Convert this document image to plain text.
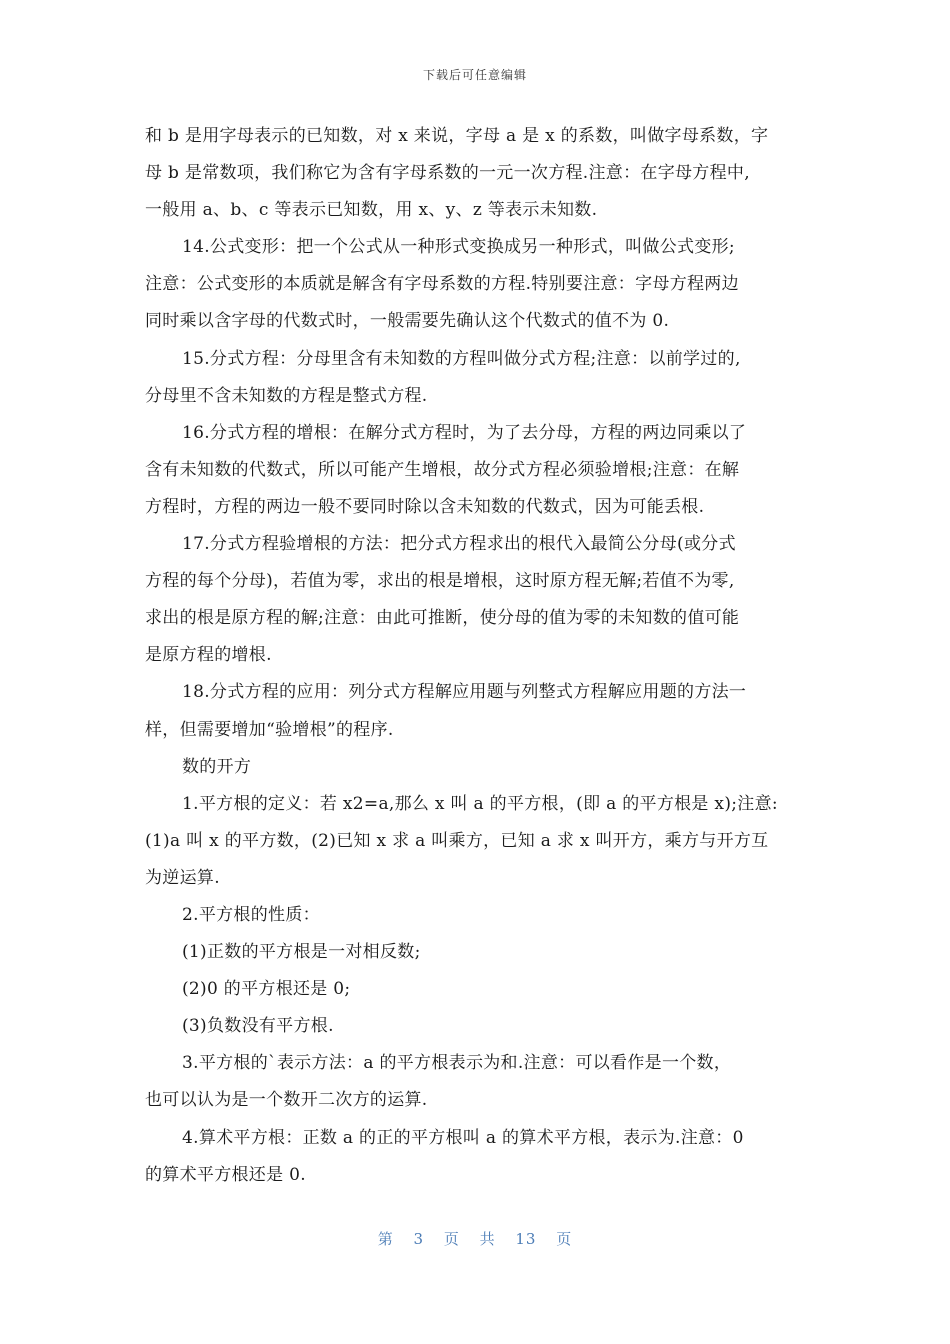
下载后可任意编辑
和 b 是用字母表示的已知数，对 x 来说，字母 a 是 x 的系数，叫做字母系数，字
母 b 是常数项，我们称它为含有字母系数的一元一次方程.注意：在字母方程中,
一般用 a、b、c 等表示已知数，用 x、y、z 等表示未知数.
14.公式变形：把一个公式从一种形式变换成另一种形式，叫做公式变形;
注意：公式变形的本质就是解含有字母系数的方程.特别要注意：字母方程两边
同时乘以含字母的代数式时，一般需要先确认这个代数式的值不为 0.
15.分式方程：分母里含有未知数的方程叫做分式方程;注意：以前学过的,
分母里不含未知数的方程是整式方程.
16.分式方程的增根：在解分式方程时，为了去分母，方程的两边同乘以了
含有未知数的代数式，所以可能产生增根，故分式方程必须验增根;注意：在解
方程时，方程的两边一般不要同时除以含未知数的代数式，因为可能丢根.
17.分式方程验增根的方法：把分式方程求出的根代入最简公分母(或分式
方程的每个分母)，若值为零，求出的根是增根，这时原方程无解;若值不为零,
求出的根是原方程的解;注意：由此可推断，使分母的值为零的未知数的值可能
是原方程的增根.
18.分式方程的应用：列分式方程解应用题与列整式方程解应用题的方法一
样，但需要增加“验增根”的程序.
数的开方
1.平方根的定义：若 x2=a,那么 x 叫 a 的平方根，(即 a 的平方根是 x);注意:
(1)a 叫 x 的平方数，(2)已知 x 求 a 叫乘方，已知 a 求 x 叫开方，乘方与开方互
为逆运算.
2.平方根的性质：
(1)正数的平方根是一对相反数;
(2)0 的平方根还是 0;
(3)负数没有平方根.
3.平方根的`表示方法：a 的平方根表示为和.注意：可以看作是一个数，
也可以认为是一个数开二次方的运算.
4.算术平方根：正数 a 的正的平方根叫 a 的算术平方根，表示为.注意：0
的算术平方根还是 0.
第 3 页 共 13 页
